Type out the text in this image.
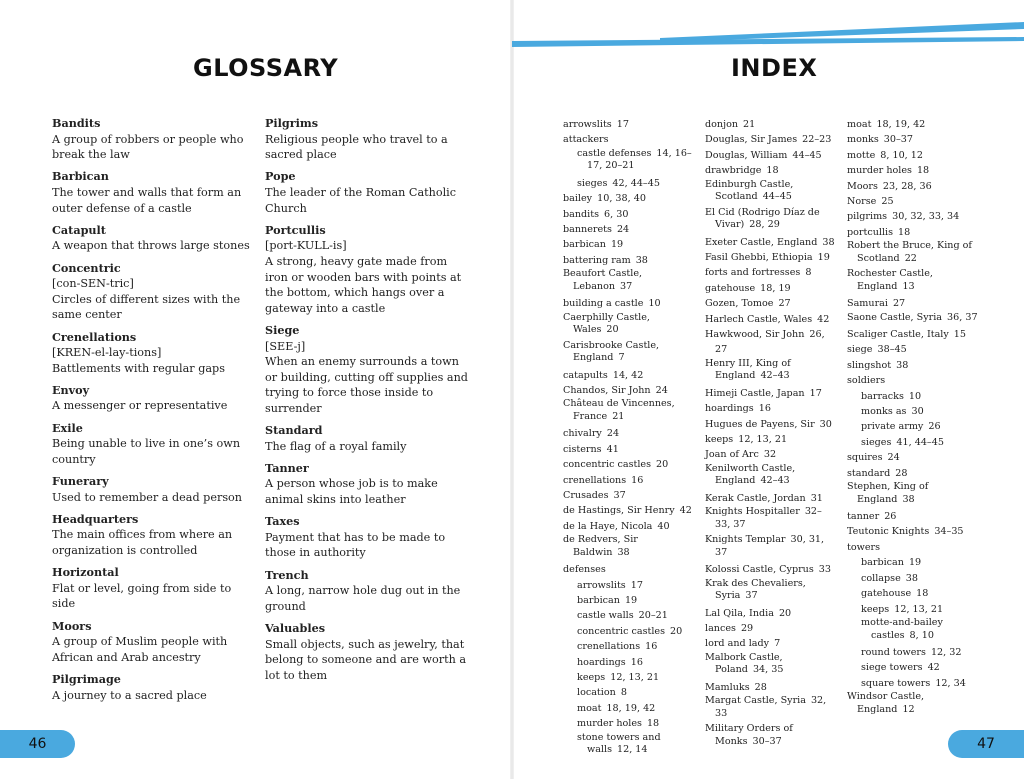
GLOSSARY
Bandits
A group of robbers or people who break the law
Barbican
The tower and walls that form an outer defense of a castle
Catapult
A weapon that throws large stones
Concentric
[con-SEN-tric]
Circles of different sizes with the same center
Crenellations
[KREN-el-lay-tions]
Battlements with regular gaps
Envoy
A messenger or representative
Exile
Being unable to live in one’s own country
Funerary
Used to remember a dead person
Headquarters
The main offices from where an organization is controlled
Horizontal
Flat or level, going from side to side
Moors
A group of Muslim people with African and Arab ancestry
Pilgrimage
A journey to a sacred place
Pilgrims
Religious people who travel to a sacred place
Pope
The leader of the Roman Catholic Church
Portcullis
[port-KULL-is]
A strong, heavy gate made from iron or wooden bars with points at the bottom, which hangs over a gateway into a castle
Siege
[SEE-j]
When an enemy surrounds a town or building, cutting off supplies and trying to force those inside to surrender
Standard
The flag of a royal family
Tanner
A person whose job is to make animal skins into leather
Taxes
Payment that has to be made to those in authority
Trench
A long, narrow hole dug out in the ground
Valuables
Small objects, such as jewelry, that belong to someone and are worth a lot to them
46
INDEX
arrowslits 17
attackers
castle defenses 14, 16–17, 20–21
sieges 42, 44–45
bailey 10, 38, 40
bandits 6, 30
bannerets 24
barbican 19
battering ram 38
Beaufort Castle, Lebanon 37
building a castle 10
Caerphilly Castle, Wales 20
Carisbrooke Castle, England 7
catapults 14, 42
Chandos, Sir John 24
Château de Vincennes, France 21
chivalry 24
cisterns 41
concentric castles 20
crenellations 16
Crusades 37
de Hastings, Sir Henry 42
de la Haye, Nicola 40
de Redvers, Sir Baldwin 38
defenses
arrowslits 17
barbican 19
castle walls 20–21
concentric castles 20
crenellations 16
hoardings 16
keeps 12, 13, 21
location 8
moat 18, 19, 42
murder holes 18
stone towers and walls 12, 14
donjon 21
Douglas, Sir James 22–23
Douglas, William 44–45
drawbridge 18
Edinburgh Castle, Scotland 44–45
El Cid (Rodrigo Díaz de Vivar) 28, 29
Exeter Castle, England 38
Fasil Ghebbi, Ethiopia 19
forts and fortresses 8
gatehouse 18, 19
Gozen, Tomoe 27
Harlech Castle, Wales 42
Hawkwood, Sir John 26, 27
Henry III, King of England 42–43
Himeji Castle, Japan 17
hoardings 16
Hugues de Payens, Sir 30
keeps 12, 13, 21
Joan of Arc 32
Kenilworth Castle, England 42–43
Kerak Castle, Jordan 31
Knights Hospitaller 32–33, 37
Knights Templar 30, 31, 37
Kolossi Castle, Cyprus 33
Krak des Chevaliers, Syria 37
Lal Qila, India 20
lances 29
lord and lady 7
Malbork Castle, Poland 34, 35
Mamluks 28
Margat Castle, Syria 32, 33
Military Orders of Monks 30–37
moat 18, 19, 42
monks 30–37
motte 8, 10, 12
murder holes 18
Moors 23, 28, 36
Norse 25
pilgrims 30, 32, 33, 34
portcullis 18
Robert the Bruce, King of Scotland 22
Rochester Castle, England 13
Samurai 27
Saone Castle, Syria 36, 37
Scaliger Castle, Italy 15
siege 38–45
slingshot 38
soldiers
barracks 10
monks as 30
private army 26
sieges 41, 44–45
squires 24
standard 28
Stephen, King of England 38
tanner 26
Teutonic Knights 34–35
towers
barbican 19
collapse 38
gatehouse 18
keeps 12, 13, 21
motte-and-bailey castles 8, 10
round towers 12, 32
siege towers 42
square towers 12, 34
Windsor Castle, England 12
47
